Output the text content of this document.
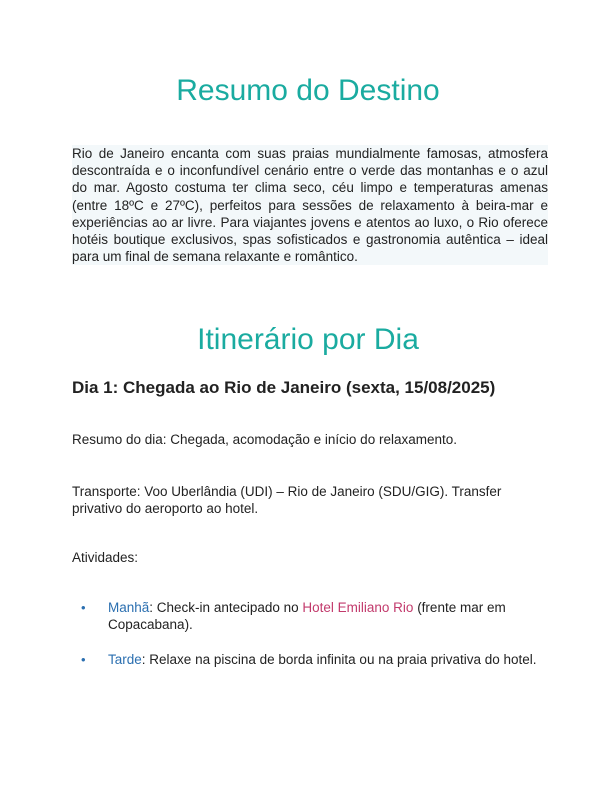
Resumo do Destino

Rio de Janeiro encanta com suas praias mundialmente famosas, atmosfera descontraída e o inconfundível cenário entre o verde das montanhas e o azul do mar. Agosto costuma ter clima seco, céu limpo e temperaturas amenas (entre 18ºC e 27ºC), perfeitos para sessões de relaxamento à beira-mar e experiências ao ar livre. Para viajantes jovens e atentos ao luxo, o Rio oferece hotéis boutique exclusivos, spas sofisticados e gastronomia autêntica – ideal para um final de semana relaxante e romântico.

Itinerário por Dia
Dia 1: Chegada ao Rio de Janeiro (sexta, 15/08/2025)

Resumo do dia: Chegada, acomodação e início do relaxamento.

Transporte: Voo Uberlândia (UDI) – Rio de Janeiro (SDU/GIG). Transfer privativo do aeroporto ao hotel.

Atividades:

• Manhã: Check-in antecipado no Hotel Emiliano Rio (frente mar em Copacabana).
• Tarde: Relaxe na piscina de borda infinita ou na praia privativa do hotel.
